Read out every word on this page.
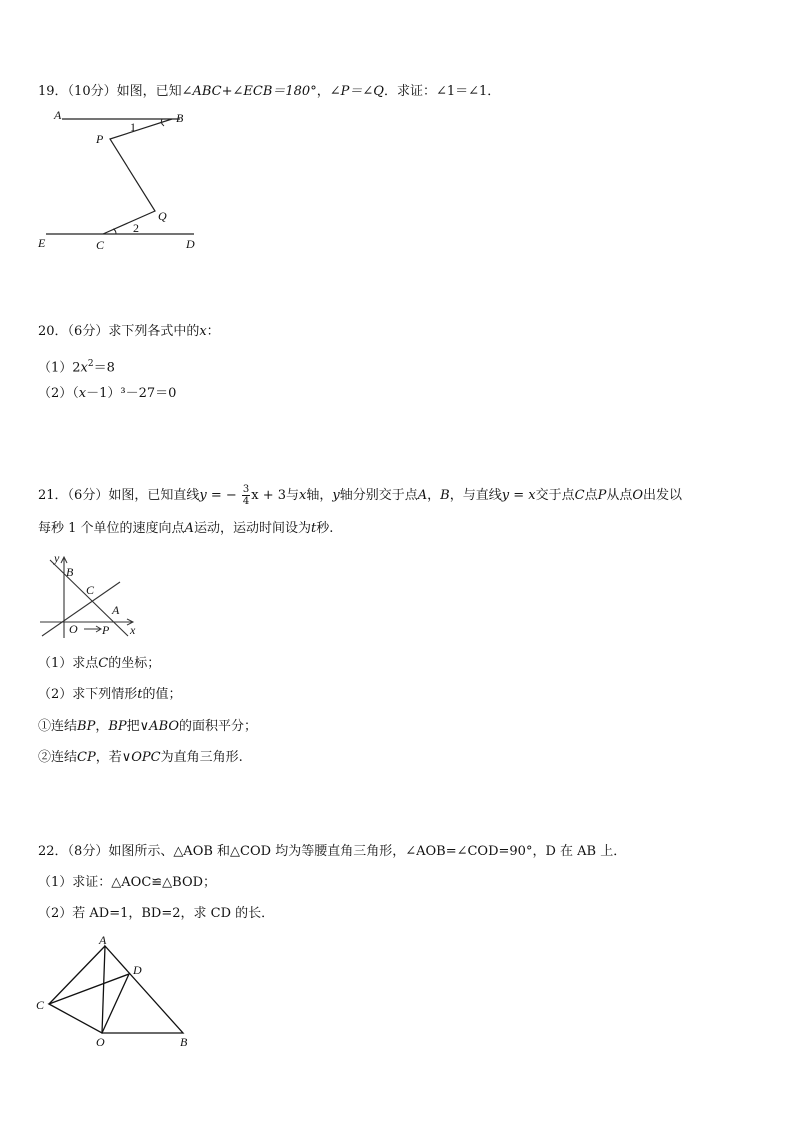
19．（10分）如图，已知∠ABC+∠ECB＝180°，∠P＝∠Q．求证：∠1＝∠1．
A	B
P
Q
E	C	D
1
2
20．（6分）求下列各式中的x：
$(1)2x^2=8$
（2）（x－1）³－27＝0
21．（6分）如图，已知直线y = − $\frac{3}{4}$ x + 3与x轴，y轴分别交于点A，B，与直线y = x交于点C点P从点O出发以
每秒 1 个单位的速度向点A运动，运动时间设为t秒.
y
B
C
A
O P x
（1）求点C的坐标；
（2）求下列情形t的值；
①连结BP，BP把∨ABO的面积平分；
②连结CP，若∨OPC为直角三角形.
22．（8分）如图所示、△AOB 和△COD 均为等腰直角三角形，∠AOB=∠COD=90°，D 在 AB 上．
（1）求证：△AOC≌△BOD；
（2）若 AD=1，BD=2，求 CD 的长．
A
D
C
O	B
